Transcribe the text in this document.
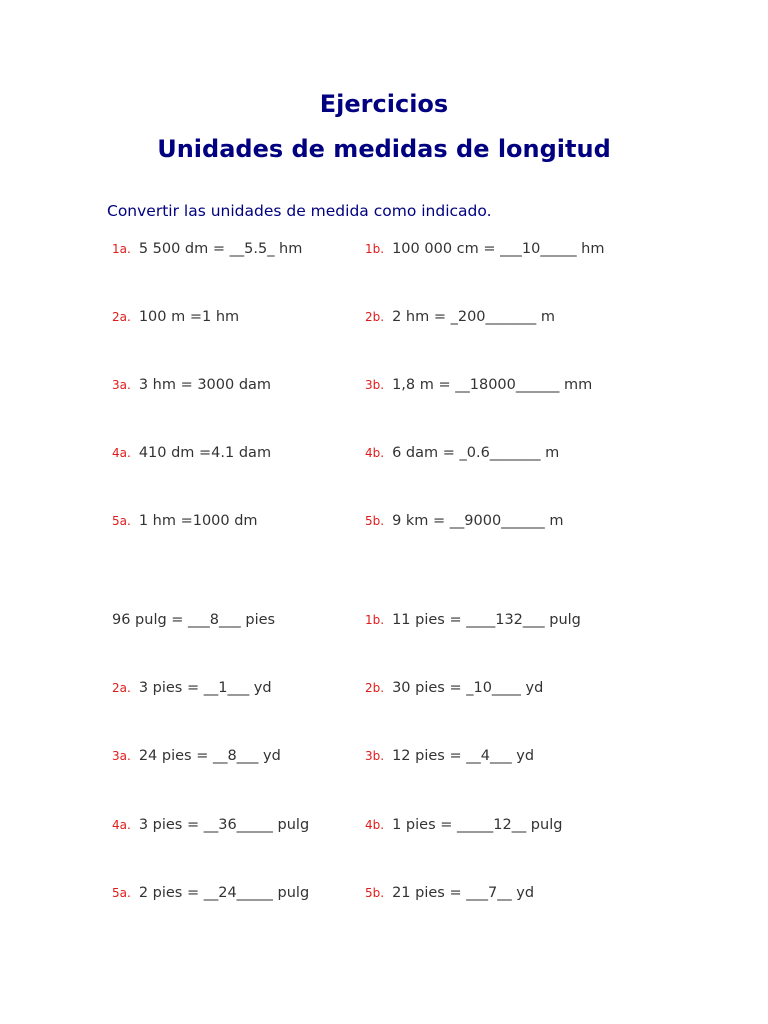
Ejercicios
Unidades de medidas de longitud

Convertir las unidades de medida como indicado.

1a. 5 500 dm = __5.5_ hm	1b. 100 000 cm = ___10_____ hm
2a. 100 m =1 hm	2b. 2 hm = _200_______ m
3a. 3 hm = 3000 dam	3b. 1,8 m = __18000______ mm
4a. 410 dm =4.1 dam	4b. 6 dam = _0.6_______ m
5a. 1 hm =1000 dm	5b. 9 km = __9000______ m
96 pulg = ___8___ pies	1b. 11 pies = ____132___ pulg
2a. 3 pies = __1___ yd	2b. 30 pies = _10____ yd
3a. 24 pies = __8___ yd	3b. 12 pies = __4___ yd
4a. 3 pies = __36_____ pulg	4b. 1 pies = _____12__ pulg
5a. 2 pies = __24_____ pulg	5b. 21 pies = ___7__ yd
